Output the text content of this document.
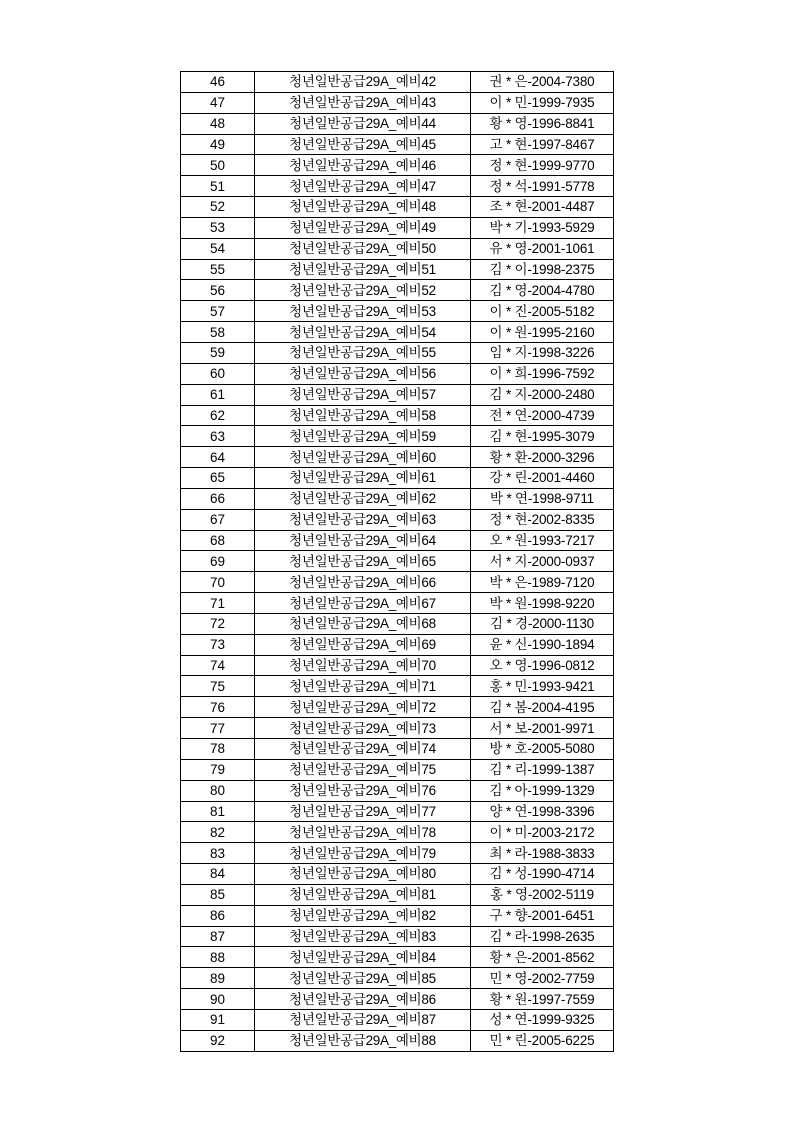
46	청년일반공급29A_예비42	권 * 은-2004-7380
47	청년일반공급29A_예비43	이 * 민-1999-7935
48	청년일반공급29A_예비44	황 * 영-1996-8841
49	청년일반공급29A_예비45	고 * 현-1997-8467
50	청년일반공급29A_예비46	정 * 현-1999-9770
51	청년일반공급29A_예비47	정 * 석-1991-5778
52	청년일반공급29A_예비48	조 * 현-2001-4487
53	청년일반공급29A_예비49	박 * 기-1993-5929
54	청년일반공급29A_예비50	유 * 영-2001-1061
55	청년일반공급29A_예비51	김 * 이-1998-2375
56	청년일반공급29A_예비52	김 * 영-2004-4780
57	청년일반공급29A_예비53	이 * 진-2005-5182
58	청년일반공급29A_예비54	이 * 원-1995-2160
59	청년일반공급29A_예비55	임 * 지-1998-3226
60	청년일반공급29A_예비56	이 * 희-1996-7592
61	청년일반공급29A_예비57	김 * 지-2000-2480
62	청년일반공급29A_예비58	전 * 연-2000-4739
63	청년일반공급29A_예비59	김 * 현-1995-3079
64	청년일반공급29A_예비60	황 * 환-2000-3296
65	청년일반공급29A_예비61	강 * 린-2001-4460
66	청년일반공급29A_예비62	박 * 연-1998-9711
67	청년일반공급29A_예비63	정 * 현-2002-8335
68	청년일반공급29A_예비64	오 * 원-1993-7217
69	청년일반공급29A_예비65	서 * 지-2000-0937
70	청년일반공급29A_예비66	박 * 은-1989-7120
71	청년일반공급29A_예비67	박 * 원-1998-9220
72	청년일반공급29A_예비68	김 * 경-2000-1130
73	청년일반공급29A_예비69	윤 * 신-1990-1894
74	청년일반공급29A_예비70	오 * 영-1996-0812
75	청년일반공급29A_예비71	홍 * 민-1993-9421
76	청년일반공급29A_예비72	김 * 봄-2004-4195
77	청년일반공급29A_예비73	서 * 보-2001-9971
78	청년일반공급29A_예비74	방 * 호-2005-5080
79	청년일반공급29A_예비75	김 * 리-1999-1387
80	청년일반공급29A_예비76	김 * 아-1999-1329
81	청년일반공급29A_예비77	양 * 연-1998-3396
82	청년일반공급29A_예비78	이 * 미-2003-2172
83	청년일반공급29A_예비79	최 * 라-1988-3833
84	청년일반공급29A_예비80	김 * 성-1990-4714
85	청년일반공급29A_예비81	홍 * 영-2002-5119
86	청년일반공급29A_예비82	구 * 향-2001-6451
87	청년일반공급29A_예비83	김 * 라-1998-2635
88	청년일반공급29A_예비84	황 * 은-2001-8562
89	청년일반공급29A_예비85	민 * 영-2002-7759
90	청년일반공급29A_예비86	황 * 원-1997-7559
91	청년일반공급29A_예비87	성 * 연-1999-9325
92	청년일반공급29A_예비88	민 * 린-2005-6225
